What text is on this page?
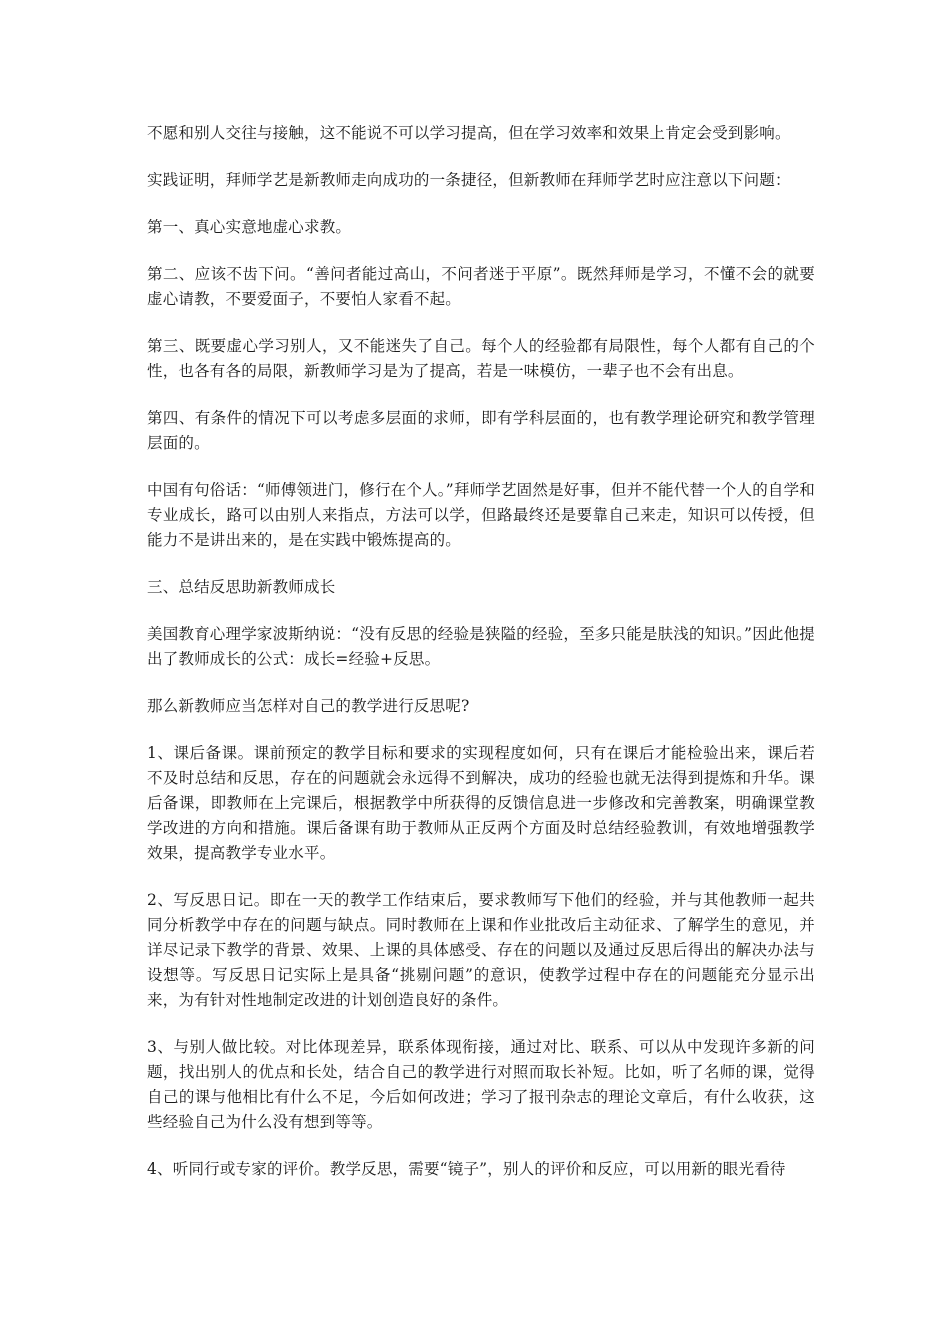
不愿和别人交往与接触，这不能说不可以学习提高，但在学习效率和效果上肯定会受到影响。

实践证明，拜师学艺是新教师走向成功的一条捷径，但新教师在拜师学艺时应注意以下问题：

第一、真心实意地虚心求教。

第二、应该不齿下问。“善问者能过高山，不问者迷于平原”。既然拜师是学习，不懂不会的就要虚心请教，不要爱面子，不要怕人家看不起。

第三、既要虚心学习别人，又不能迷失了自己。每个人的经验都有局限性，每个人都有自己的个性，也各有各的局限，新教师学习是为了提高，若是一味模仿，一辈子也不会有出息。

第四、有条件的情况下可以考虑多层面的求师，即有学科层面的，也有教学理论研究和教学管理层面的。

中国有句俗话：“师傅领进门，修行在个人。”拜师学艺固然是好事，但并不能代替一个人的自学和专业成长，路可以由别人来指点，方法可以学，但路最终还是要靠自己来走，知识可以传授，但能力不是讲出来的，是在实践中锻炼提高的。

三、总结反思助新教师成长

美国教育心理学家波斯纳说：“没有反思的经验是狭隘的经验，至多只能是肤浅的知识。”因此他提出了教师成长的公式：成长=经验+反思。

那么新教师应当怎样对自己的教学进行反思呢?

1、课后备课。课前预定的教学目标和要求的实现程度如何，只有在课后才能检验出来，课后若不及时总结和反思，存在的问题就会永远得不到解决，成功的经验也就无法得到提炼和升华。课后备课，即教师在上完课后，根据教学中所获得的反馈信息进一步修改和完善教案，明确课堂教学改进的方向和措施。课后备课有助于教师从正反两个方面及时总结经验教训，有效地增强教学效果，提高教学专业水平。

2、写反思日记。即在一天的教学工作结束后，要求教师写下他们的经验，并与其他教师一起共同分析教学中存在的问题与缺点。同时教师在上课和作业批改后主动征求、了解学生的意见，并详尽记录下教学的背景、效果、上课的具体感受、存在的问题以及通过反思后得出的解决办法与设想等。写反思日记实际上是具备“挑剔问题”的意识，使教学过程中存在的问题能充分显示出来，为有针对性地制定改进的计划创造良好的条件。

3、与别人做比较。对比体现差异，联系体现衔接，通过对比、联系、可以从中发现许多新的问题，找出别人的优点和长处，结合自己的教学进行对照而取长补短。比如，听了名师的课，觉得自己的课与他相比有什么不足，今后如何改进；学习了报刊杂志的理论文章后，有什么收获，这些经验自己为什么没有想到等等。

4、听同行或专家的评价。教学反思，需要“镜子”，别人的评价和反应，可以用新的眼光看待
